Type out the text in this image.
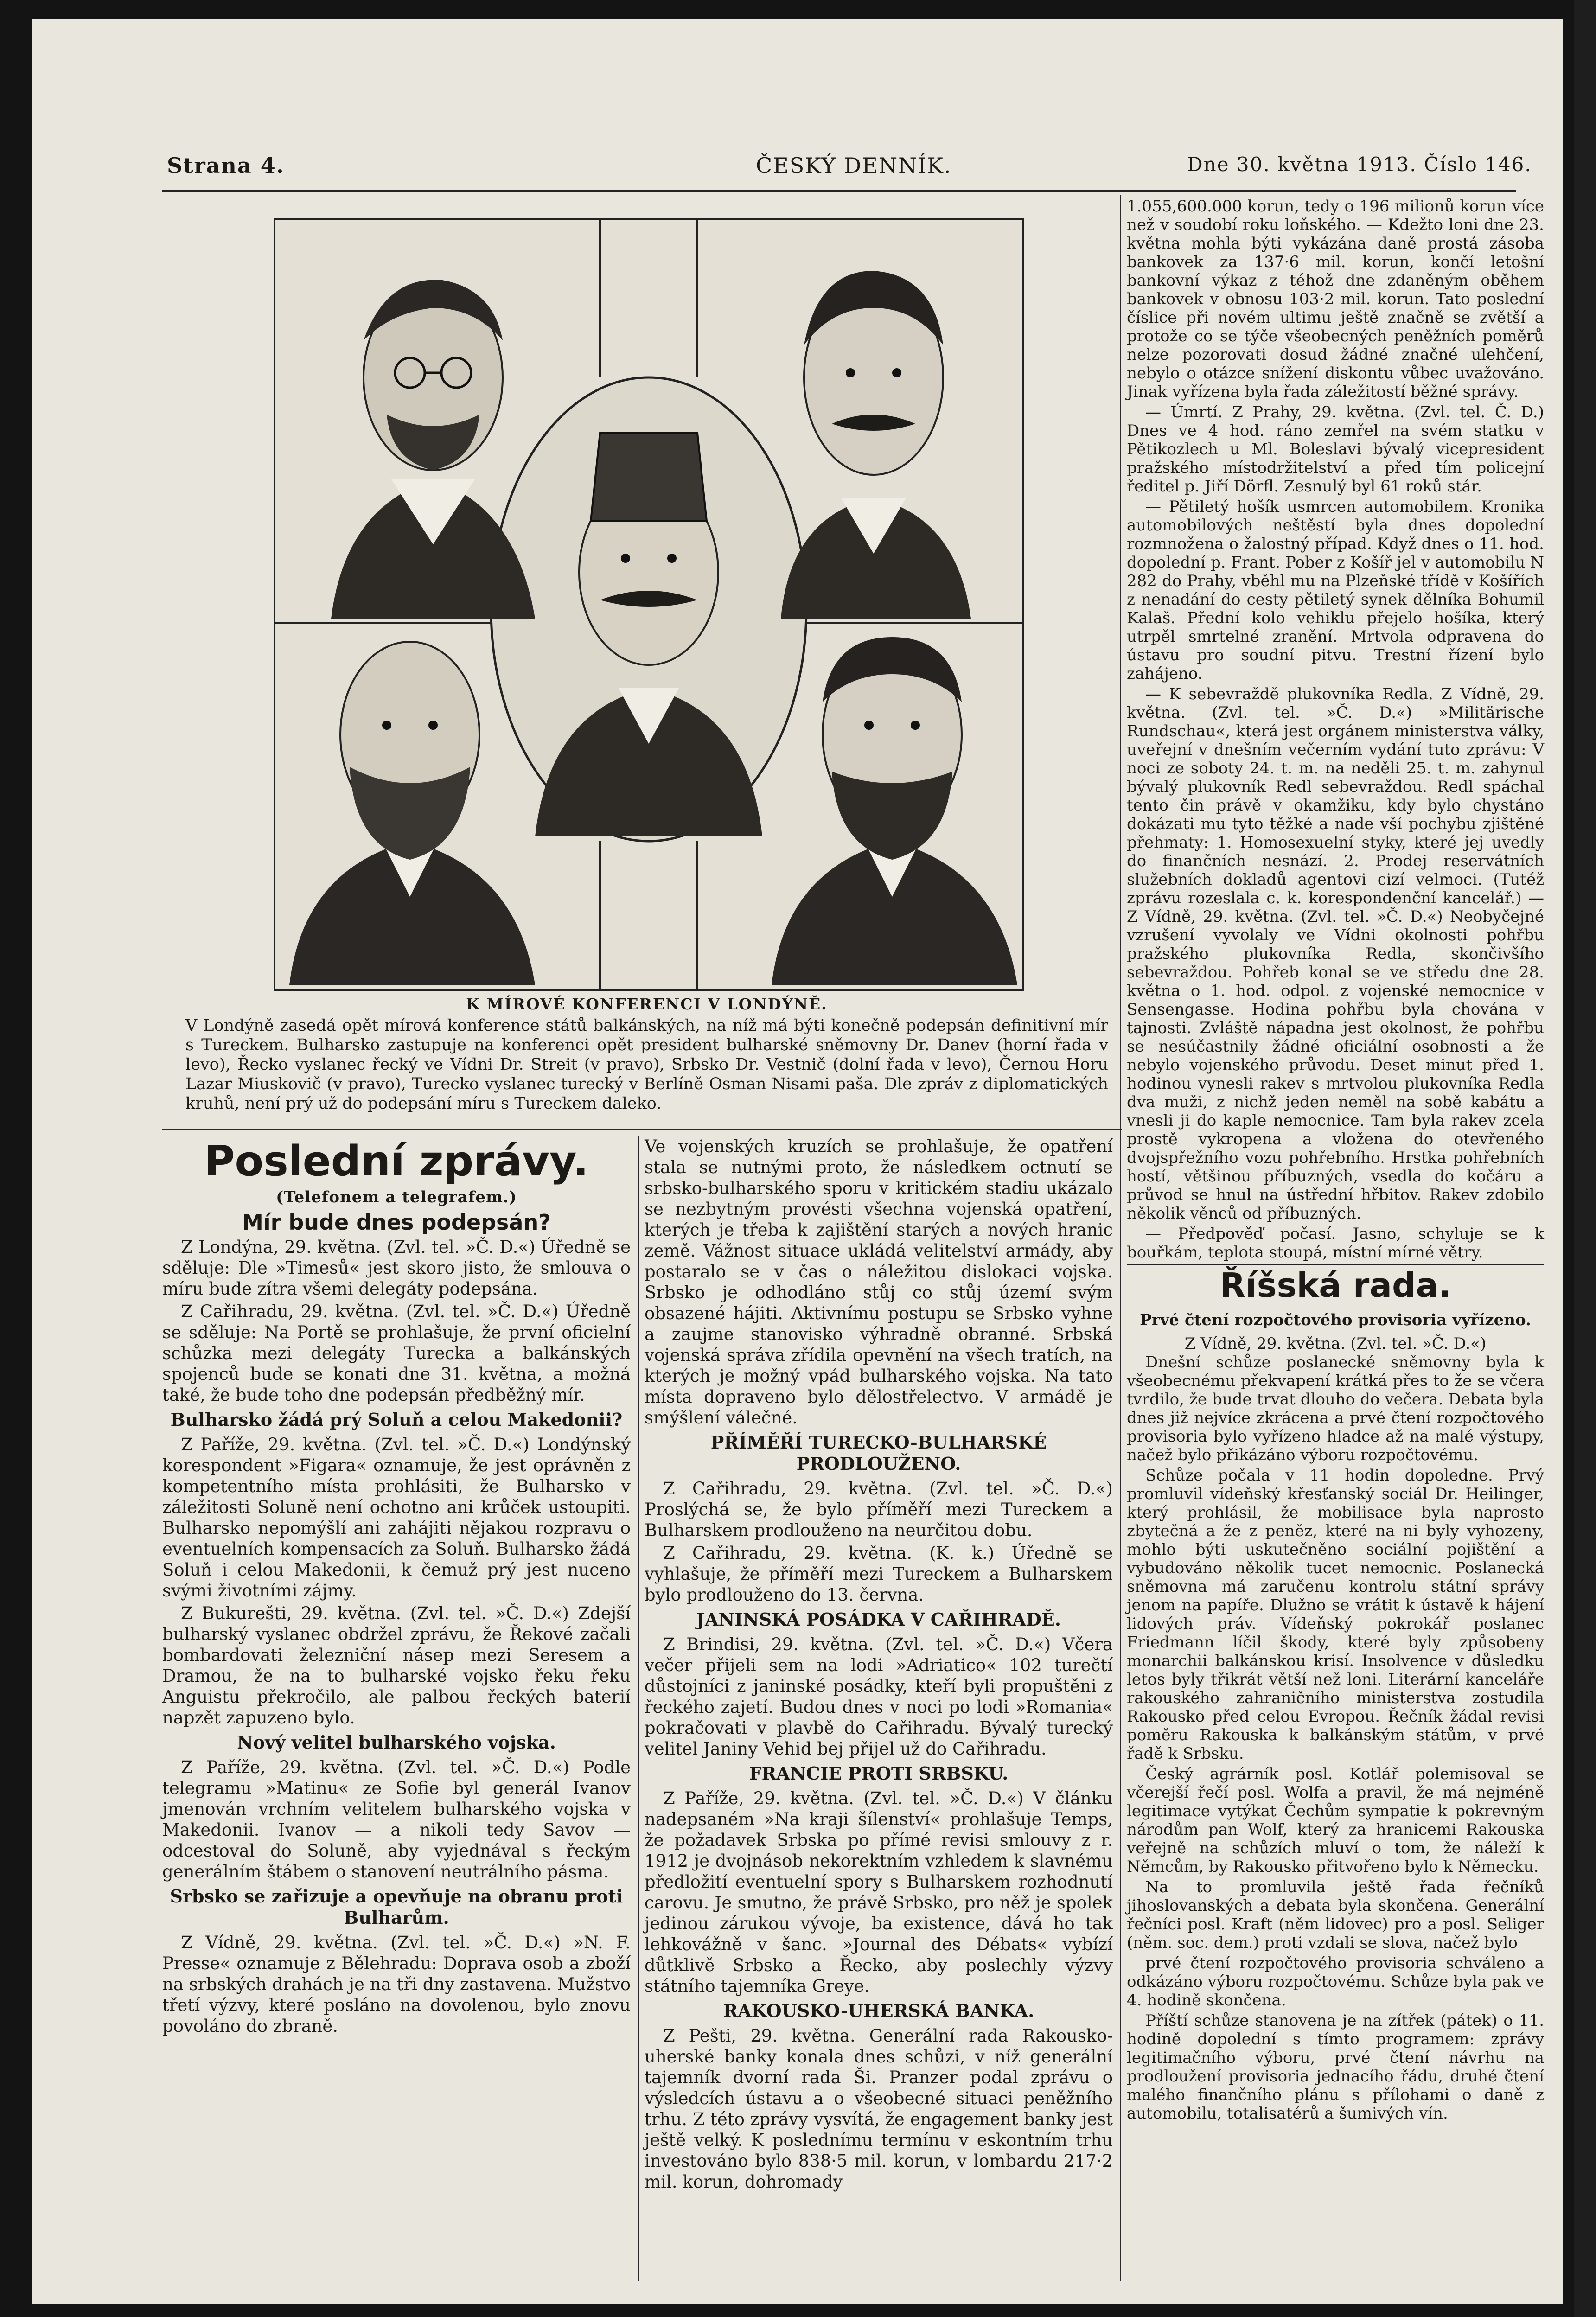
Strana 4.	ČESKÝ DENNÍK.	Dne 30. května 1913. Číslo 146.
K MÍROVÉ KONFERENCI V LONDÝNĚ.
V Londýně zasedá opět mírová konference států balkánských, na níž má býti konečně podepsán definitivní mír s Tureckem. Bulharsko zastupuje na konferenci opět president bulharské sněmovny Dr. Danev (horní řada v levo), Řecko vyslanec řecký ve Vídni Dr. Streit (v pravo), Srbsko Dr. Vestnič (dolní řada v levo), Černou Horu Lazar Miuskovič (v pravo), Turecko vyslanec turecký v Berlíně Osman Nisami paša. Dle zpráv z diplomatických kruhů, není prý už do podepsání míru s Tureckem daleko.
Poslední zprávy.
(Telefonem a telegrafem.)
Mír bude dnes podepsán?

Z Londýna, 29. května. (Zvl. tel. »Č. D.«) Úředně se sděluje: Dle »Timesů« jest skoro jisto, že smlouva o míru bude zítra všemi delegáty podepsána.

Z Cařihradu, 29. května. (Zvl. tel. »Č. D.«) Úředně se sděluje: Na Portě se prohlašuje, že první oficielní schůzka mezi delegáty Turecka a balkánských spojenců bude se konati dne 31. května, a možná také, že bude toho dne podepsán předběžný mír.

Bulharsko žádá prý Soluň a celou Makedonii?

Z Paříže, 29. května. (Zvl. tel. »Č. D.«) Londýnský korespondent »Figara« oznamuje, že jest oprávněn z kompetentního místa prohlásiti, že Bulharsko v záležitosti Soluně není ochotno ani krůček ustoupiti. Bulharsko nepomýšlí ani zahájiti nějakou rozpravu o eventuelních kompensacích za Soluň. Bulharsko žádá Soluň i celou Makedonii, k čemuž prý jest nuceno svými životními zájmy.

Z Bukurešti, 29. května. (Zvl. tel. »Č. D.«) Zdejší bulharský vyslanec obdržel zprávu, že Řekové začali bombardovati železniční násep mezi Seresem a Dramou, že na to bulharské vojsko řeku řeku Anguistu překročilo, ale palbou řeckých baterií napzět zapuzeno bylo.

Nový velitel bulharského vojska.

Z Paříže, 29. května. (Zvl. tel. »Č. D.«) Podle telegramu »Matinu« ze Sofie byl generál Ivanov jmenován vrchním velitelem bulharského vojska v Makedonii. Ivanov — a nikoli tedy Savov — odcestoval do Soluně, aby vyjednával s řeckým generálním štábem o stanovení neutrálního pásma.

Srbsko se zařizuje a opevňuje na obranu proti Bulharům.

Z Vídně, 29. května. (Zvl. tel. »Č. D.«) »N. F. Presse« oznamuje z Bělehradu: Doprava osob a zboží na srbských drahách je na tři dny zastavena. Mužstvo třetí výzvy, které posláno na dovolenou, bylo znovu povoláno do zbraně.

Ve vojenských kruzích se prohlašuje, že opatření stala se nutnými proto, že následkem octnutí se srbsko-bulharského sporu v kritickém stadiu ukázalo se nezbytným provésti všechna vojenská opatření, kterých je třeba k zajištění starých a nových hranic země. Vážnost situace ukládá velitelství armády, aby postaralo se v čas o náležitou dislokaci vojska. Srbsko je odhodláno stůj co stůj území svým obsazené hájiti. Aktivnímu postupu se Srbsko vyhne a zaujme stanovisko výhradně obranné. Srbská vojenská správa zřídila opevnění na všech tratích, na kterých je možný vpád bulharského vojska. Na tato místa dopraveno bylo dělostřelectvo. V armádě je smýšlení válečné.

PŘÍMĚŘÍ TURECKO-BULHARSKÉ PRODLOUŽENO.

Z Cařihradu, 29. května. (Zvl. tel. »Č. D.«) Proslýchá se, že bylo příměří mezi Tureckem a Bulharskem prodlouženo na neurčitou dobu.

Z Cařihradu, 29. května. (K. k.) Úředně se vyhlašuje, že příměří mezi Tureckem a Bulharskem bylo prodlouženo do 13. června.

JANINSKÁ POSÁDKA V CAŘIHRADĚ.

Z Brindisi, 29. května. (Zvl. tel. »Č. D.«) Včera večer přijeli sem na lodi »Adriatico« 102 turečtí důstojníci z janinské posádky, kteří byli propuštěni z řeckého zajetí. Budou dnes v noci po lodi »Romania« pokračovati v plavbě do Cařihradu. Bývalý turecký velitel Janiny Vehid bej přijel už do Cařihradu.

FRANCIE PROTI SRBSKU.

Z Paříže, 29. května. (Zvl. tel. »Č. D.«) V článku nadepsaném »Na kraji šílenství« prohlašuje Temps, že požadavek Srbska po přímé revisi smlouvy z r. 1912 je dvojnásob nekorektním vzhledem k slavnému předložití eventuelní spory s Bulharskem rozhodnutí carovu. Je smutno, že právě Srbsko, pro něž je spolek jedinou zárukou vývoje, ba existence, dává ho tak lehkovážně v šanc. »Journal des Débats« vybízí důtklivě Srbsko a Řecko, aby poslechly výzvy státního tajemníka Greye.

RAKOUSKO-UHERSKÁ BANKA.

Z Pešti, 29. května. Generální rada Rakousko-uherské banky konala dnes schůzi, v níž generální tajemník dvorní rada Ši. Pranzer podal zprávu o výsledcích ústavu a o všeobecné situaci peněžního trhu. Z této zprávy vysvítá, že engagement banky jest ještě velký. K poslednímu termínu v eskontním trhu investováno bylo 838·5 mil. korun, v lombardu 217·2 mil. korun, dohromady

1.055,600.000 korun, tedy o 196 milionů korun více než v soudobí roku loňského. — Kdežto loni dne 23. května mohla býti vykázána daně prostá zásoba bankovek za 137·6 mil. korun, končí letošní bankovní výkaz z téhož dne zdaněným oběhem bankovek v obnosu 103·2 mil. korun. Tato poslední číslice při novém ultimu ještě značně se zvětší a protože co se týče všeobecných peněžních poměrů nelze pozorovati dosud žádné značné ulehčení, nebylo o otázce snížení diskontu vůbec uvažováno. Jinak vyřízena byla řada záležitostí běžné správy.

— Úmrtí. Z Prahy, 29. května. (Zvl. tel. Č. D.) Dnes ve 4 hod. ráno zemřel na svém statku v Pětikozlech u Ml. Boleslavi bývalý vicepresident pražského místodržitelství a před tím policejní ředitel p. Jiří Dörfl. Zesnulý byl 61 roků stár.

— Pětiletý hošík usmrcen automobilem. Kronika automobilových neštěstí byla dnes dopolední rozmnožena o žalostný případ. Když dnes o 11. hod. dopolední p. Frant. Pober z Košíř jel v automobilu N 282 do Prahy, vběhl mu na Plzeňské třídě v Košířích z nenadání do cesty pětiletý synek dělníka Bohumil Kalaš. Přední kolo vehiklu přejelo hošíka, který utrpěl smrtelné zranění. Mrtvola odpravena do ústavu pro soudní pitvu. Trestní řízení bylo zahájeno.

— K sebevraždě plukovníka Redla. Z Vídně, 29. května. (Zvl. tel. »Č. D.«) »Militärische Rundschau«, která jest orgánem ministerstva války, uveřejní v dnešním večerním vydání tuto zprávu: V noci ze soboty 24. t. m. na neděli 25. t. m. zahynul bývalý plukovník Redl sebevraždou. Redl spáchal tento čin právě v okamžiku, kdy bylo chystáno dokázati mu tyto těžké a nade vší pochybu zjištěné přehmaty: 1. Homosexuelní styky, které jej uvedly do finančních nesnází. 2. Prodej reservátních služebních dokladů agentovi cizí velmoci. (Tutéž zprávu rozeslala c. k. korespondenční kancelář.) — Z Vídně, 29. května. (Zvl. tel. »Č. D.«) Neobyčejné vzrušení vyvolaly ve Vídni okolnosti pohřbu pražského plukovníka Redla, skončivšího sebevraždou. Pohřeb konal se ve středu dne 28. května o 1. hod. odpol. z vojenské nemocnice v Sensengasse. Hodina pohřbu byla chována v tajnosti. Zvláště nápadna jest okolnost, že pohřbu se nesúčastnily žádné oficiální osobnosti a že nebylo vojenského průvodu. Deset minut před 1. hodinou vynesli rakev s mrtvolou plukovníka Redla dva muži, z nichž jeden neměl na sobě kabátu a vnesli ji do kaple nemocnice. Tam byla rakev zcela prostě vykropena a vložena do otevřeného dvojspřežního vozu pohřebního. Hrstka pohřebních hostí, většinou příbuzných, vsedla do kočáru a průvod se hnul na ústřední hřbitov. Rakev zdobilo několik věnců od příbuzných.

— Předpověď počasí. Jasno, schyluje se k bouřkám, teplota stoupá, místní mírné větry.

Říšská rada.
Prvé čtení rozpočtového provisoria vyřízeno.
Z Vídně, 29. května. (Zvl. tel. »Č. D.«)

Dnešní schůze poslanecké sněmovny byla k všeobecnému překvapení krátká přes to že se včera tvrdilo, že bude trvat dlouho do večera. Debata byla dnes již nejvíce zkrácena a prvé čtení rozpočtového provisoria bylo vyřízeno hladce až na malé výstupy, načež bylo přikázáno výboru rozpočtovému.

Schůze počala v 11 hodin dopoledne. Prvý promluvil vídeňský křesťanský sociál Dr. Heilinger, který prohlásil, že mobilisace byla naprosto zbytečná a že z peněz, které na ni byly vyhozeny, mohlo býti uskutečněno sociální pojištění a vybudováno několik tucet nemocnic. Poslanecká sněmovna má zaručenu kontrolu státní správy jenom na papíře. Dlužno se vrátit k ústavě k hájení lidových práv. Vídeňský pokrokář poslanec Friedmann líčil škody, které byly způsobeny monarchii balkánskou krisí. Insolvence v důsledku letos byly třikrát větší než loni. Literární kanceláře rakouského zahraničního ministerstva zostudila Rakousko před celou Evropou. Řečník žádal revisi poměru Rakouska k balkánským státům, v prvé řadě k Srbsku.

Český agrárník posl. Kotlář polemisoval se včerejší řečí posl. Wolfa a pravil, že má nejméně legitimace vytýkat Čechům sympatie k pokrevným národům pan Wolf, který za hranicemi Rakouska veřejně na schůzích mluví o tom, že náleží k Němcům, by Rakousko přitvořeno bylo k Německu.

Na to promluvila ještě řada řečníků jihoslovanských a debata byla skončena. Generální řečníci posl. Kraft (něm lidovec) pro a posl. Seliger (něm. soc. dem.) proti vzdali se slova, načež bylo

prvé čtení rozpočtového provisoria schváleno a odkázáno výboru rozpočtovému. Schůze byla pak ve 4. hodině skončena.

Příští schůze stanovena je na zítřek (pátek) o 11. hodině dopolední s tímto programem: zprávy legitimačního výboru, prvé čtení návrhu na prodloužení provisoria jednacího řádu, druhé čtení malého finančního plánu s přílohami o daně z automobilu, totalisatérů a šumivých vín.
